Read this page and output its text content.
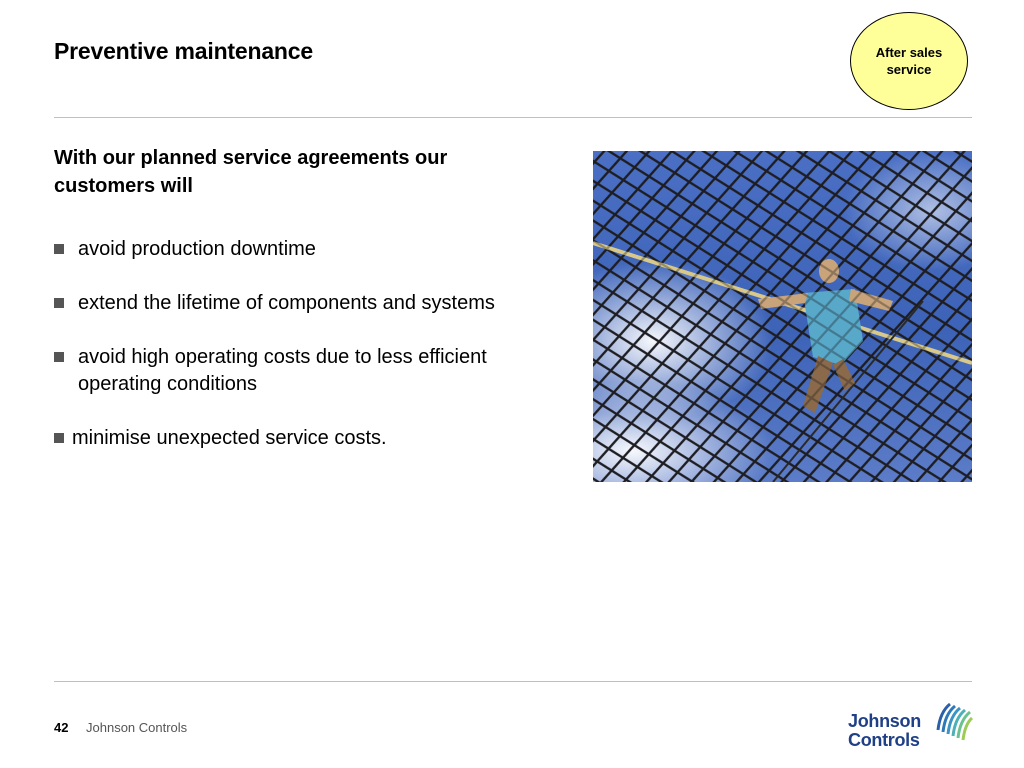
Preventive maintenance	After sales
service
With our planned service agreements our customers will
avoid production downtime
extend the lifetime of components and systems
avoid high operating costs due to less efficient operating conditions
minimise unexpected service costs.
42 Johnson Controls	Johnson
Controls
